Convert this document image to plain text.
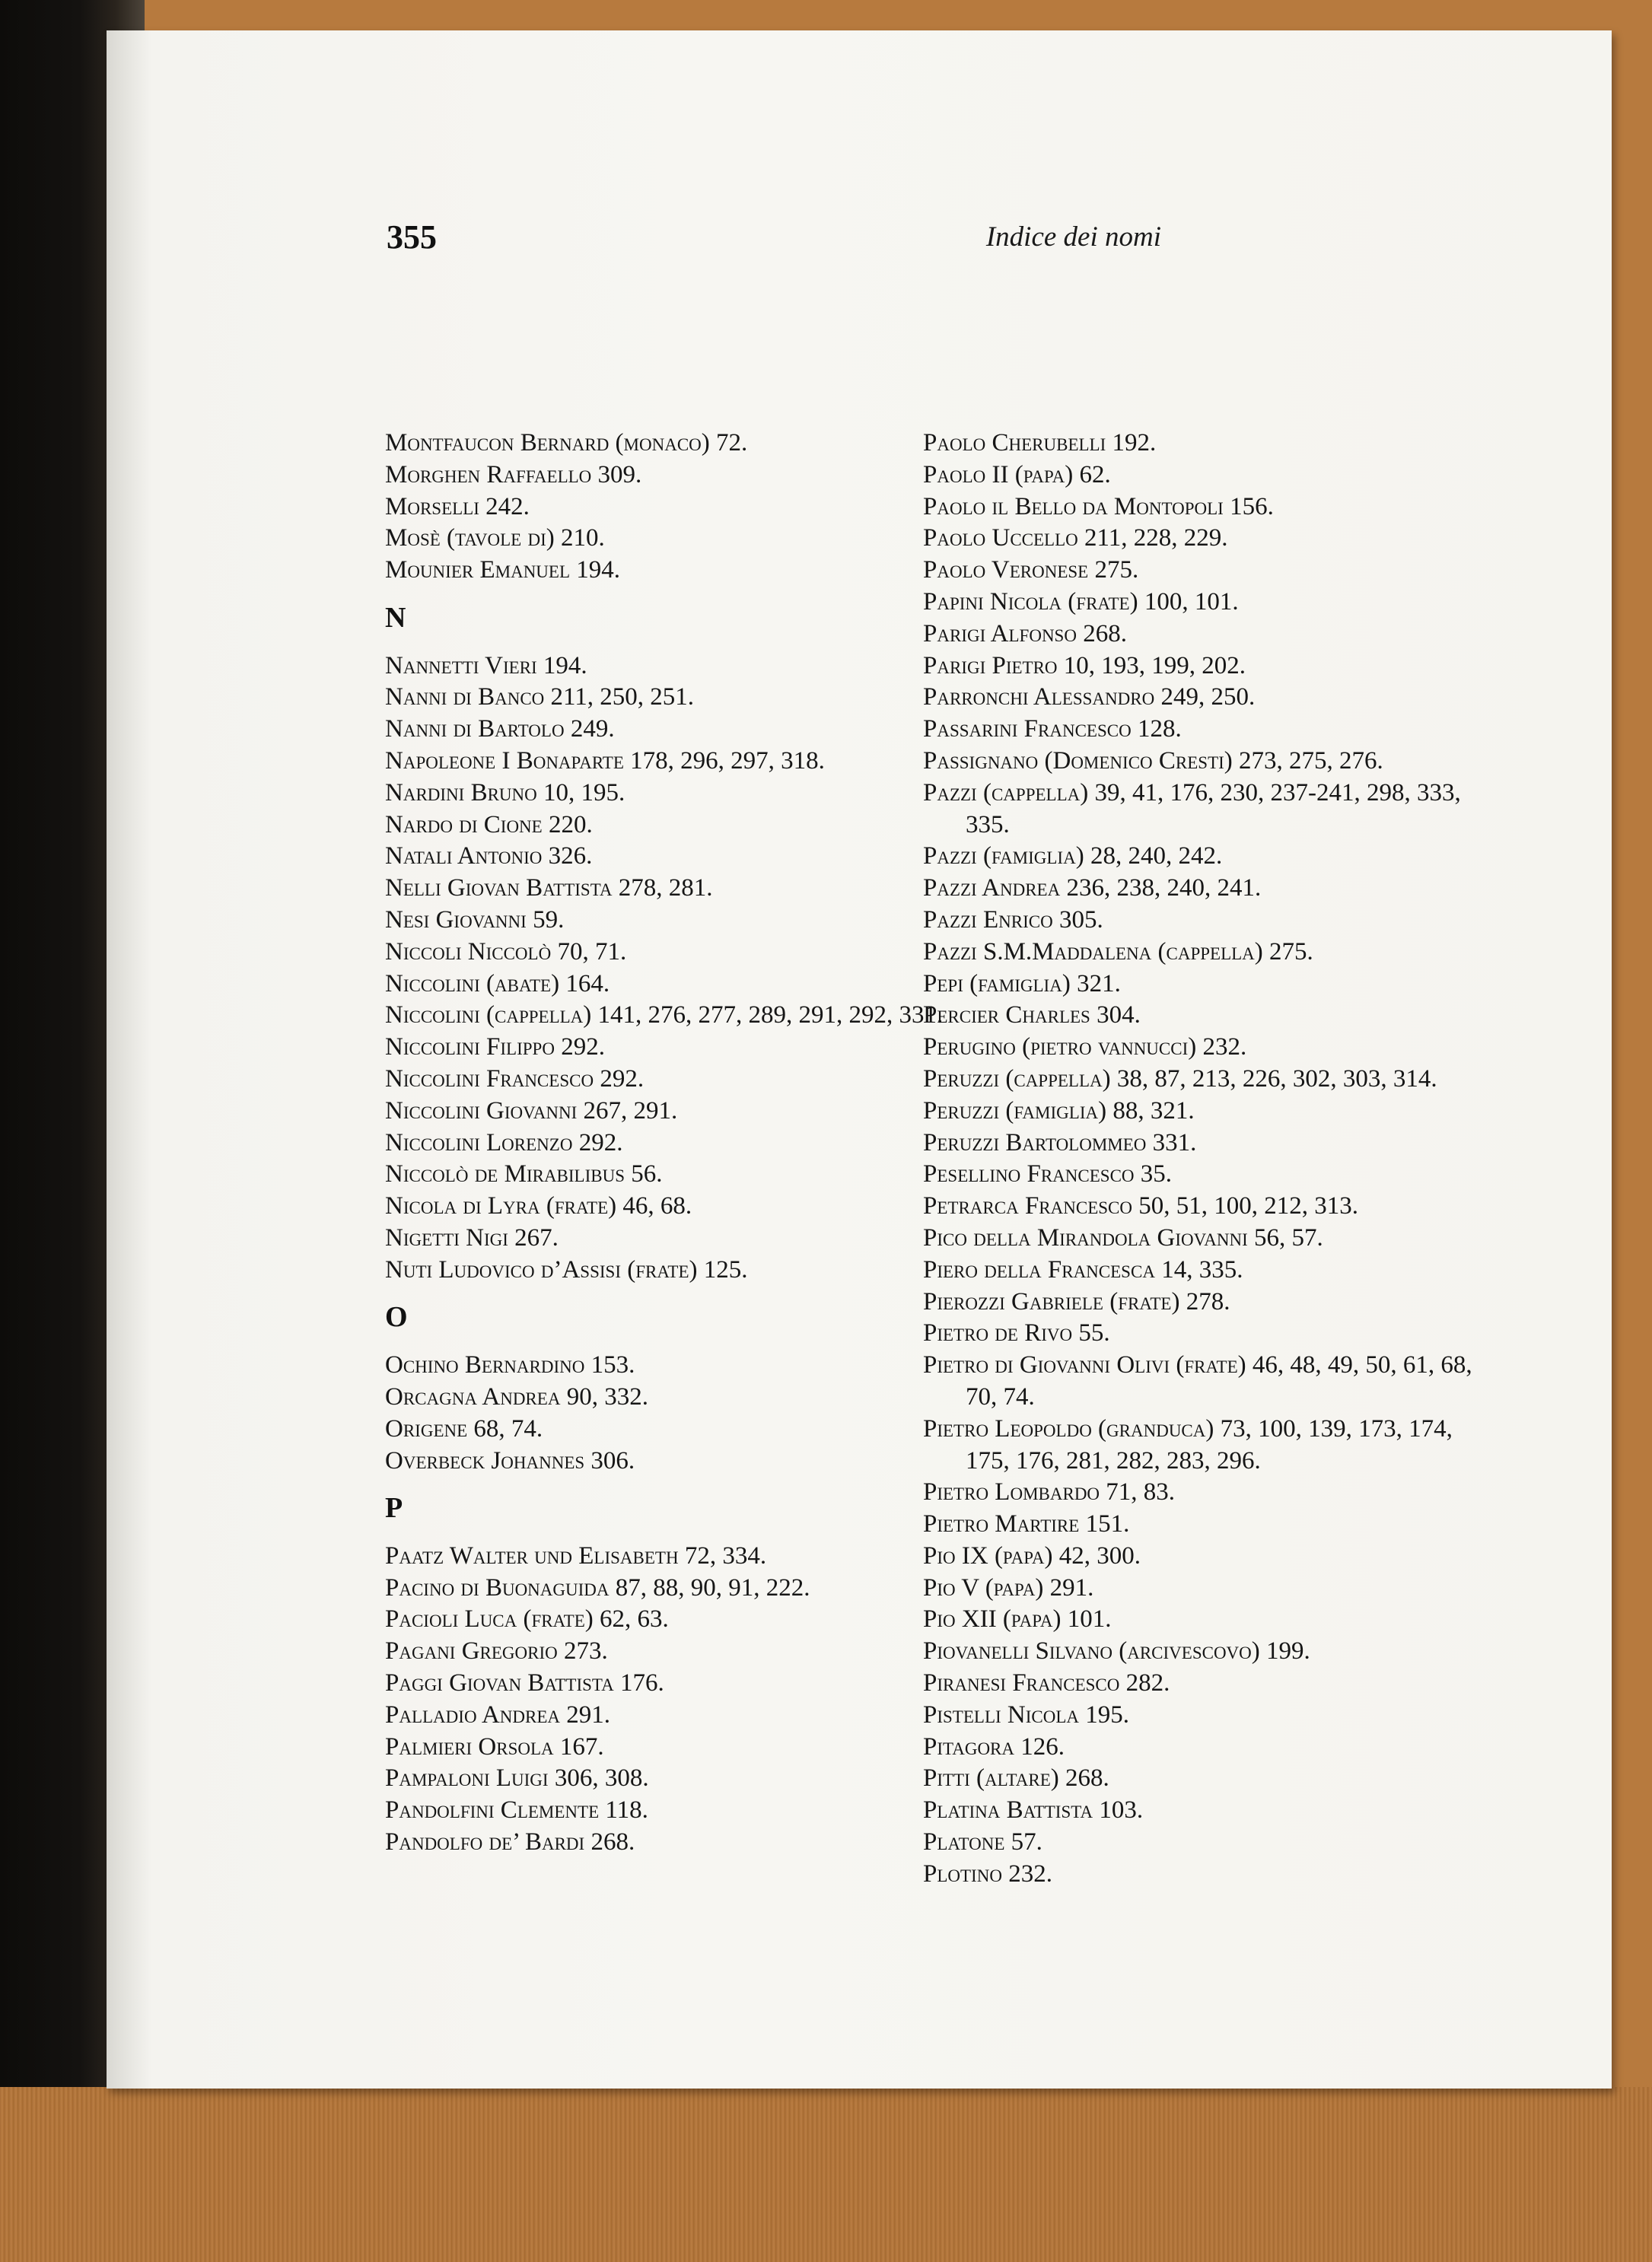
355	Indice dei nomi
Montfaucon Bernard (monaco) 72.
Morghen Raffaello 309.
Morselli 242.
Mosè (tavole di) 210.
Mounier Emanuel 194.
N
Nannetti Vieri 194.
Nanni di Banco 211, 250, 251.
Nanni di Bartolo 249.
Napoleone I Bonaparte 178, 296, 297, 318.
Nardini Bruno 10, 195.
Nardo di Cione 220.
Natali Antonio 326.
Nelli Giovan Battista 278, 281.
Nesi Giovanni 59.
Niccoli Niccolò 70, 71.
Niccolini (abate) 164.
Niccolini (cappella) 141, 276, 277, 289, 291, 292, 331.
Niccolini Filippo 292.
Niccolini Francesco 292.
Niccolini Giovanni 267, 291.
Niccolini Lorenzo 292.
Niccolò de Mirabilibus 56.
Nicola di Lyra (frate) 46, 68.
Nigetti Nigi 267.
Nuti Ludovico d’Assisi (frate) 125.
O
Ochino Bernardino 153.
Orcagna Andrea 90, 332.
Origene 68, 74.
Overbeck Johannes 306.
P
Paatz Walter und Elisabeth 72, 334.
Pacino di Buonaguida 87, 88, 90, 91, 222.
Pacioli Luca (frate) 62, 63.
Pagani Gregorio 273.
Paggi Giovan Battista 176.
Palladio Andrea 291.
Palmieri Orsola 167.
Pampaloni Luigi 306, 308.
Pandolfini Clemente 118.
Pandolfo de’ Bardi 268.
Paolo Cherubelli 192.
Paolo II (papa) 62.
Paolo il Bello da Montopoli 156.
Paolo Uccello 211, 228, 229.
Paolo Veronese 275.
Papini Nicola (frate) 100, 101.
Parigi Alfonso 268.
Parigi Pietro 10, 193, 199, 202.
Parronchi Alessandro 249, 250.
Passarini Francesco 128.
Passignano (Domenico Cresti) 273, 275, 276.
Pazzi (cappella) 39, 41, 176, 230, 237-241, 298, 333, 335.
Pazzi (famiglia) 28, 240, 242.
Pazzi Andrea 236, 238, 240, 241.
Pazzi Enrico 305.
Pazzi S.M.Maddalena (cappella) 275.
Pepi (famiglia) 321.
Percier Charles 304.
Perugino (pietro vannucci) 232.
Peruzzi (cappella) 38, 87, 213, 226, 302, 303, 314.
Peruzzi (famiglia) 88, 321.
Peruzzi Bartolommeo 331.
Pesellino Francesco 35.
Petrarca Francesco 50, 51, 100, 212, 313.
Pico della Mirandola Giovanni 56, 57.
Piero della Francesca 14, 335.
Pierozzi Gabriele (frate) 278.
Pietro de Rivo 55.
Pietro di Giovanni Olivi (frate) 46, 48, 49, 50, 61, 68, 70, 74.
Pietro Leopoldo (granduca) 73, 100, 139, 173, 174, 175, 176, 281, 282, 283, 296.
Pietro Lombardo 71, 83.
Pietro Martire 151.
Pio IX (papa) 42, 300.
Pio V (papa) 291.
Pio XII (papa) 101.
Piovanelli Silvano (arcivescovo) 199.
Piranesi Francesco 282.
Pistelli Nicola 195.
Pitagora 126.
Pitti (altare) 268.
Platina Battista 103.
Platone 57.
Plotino 232.
